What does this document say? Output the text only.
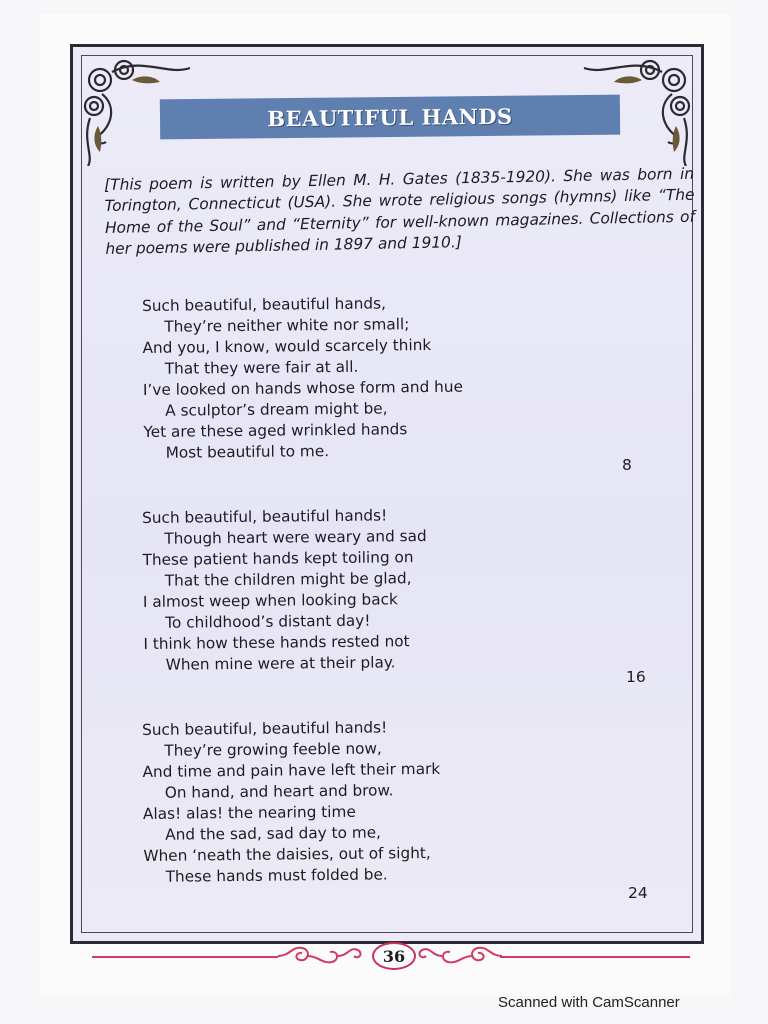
BEAUTIFUL HANDS

[This poem is written by Ellen M. H. Gates (1835-1920). She was born in Torington, Connecticut (USA). She wrote religious songs (hymns) like “The Home of the Soul” and “Eternity” for well-known magazines. Collections of her poems were published in 1897 and 1910.]

Such beautiful, beautiful hands,
They’re neither white nor small;
And you, I know, would scarcely think
That they were fair at all.
I’ve looked on hands whose form and hue
A sculptor’s dream might be,
Yet are these aged wrinkled hands
Most beautiful to me.
8
Such beautiful, beautiful hands!
Though heart were weary and sad
These patient hands kept toiling on
That the children might be glad,
I almost weep when looking back
To childhood’s distant day!
I think how these hands rested not
When mine were at their play.
16
Such beautiful, beautiful hands!
They’re growing feeble now,
And time and pain have left their mark
On hand, and heart and brow.
Alas! alas! the nearing time
And the sad, sad day to me,
When ‘neath the daisies, out of sight,
These hands must folded be.
24
36
Scanned with CamScanner
